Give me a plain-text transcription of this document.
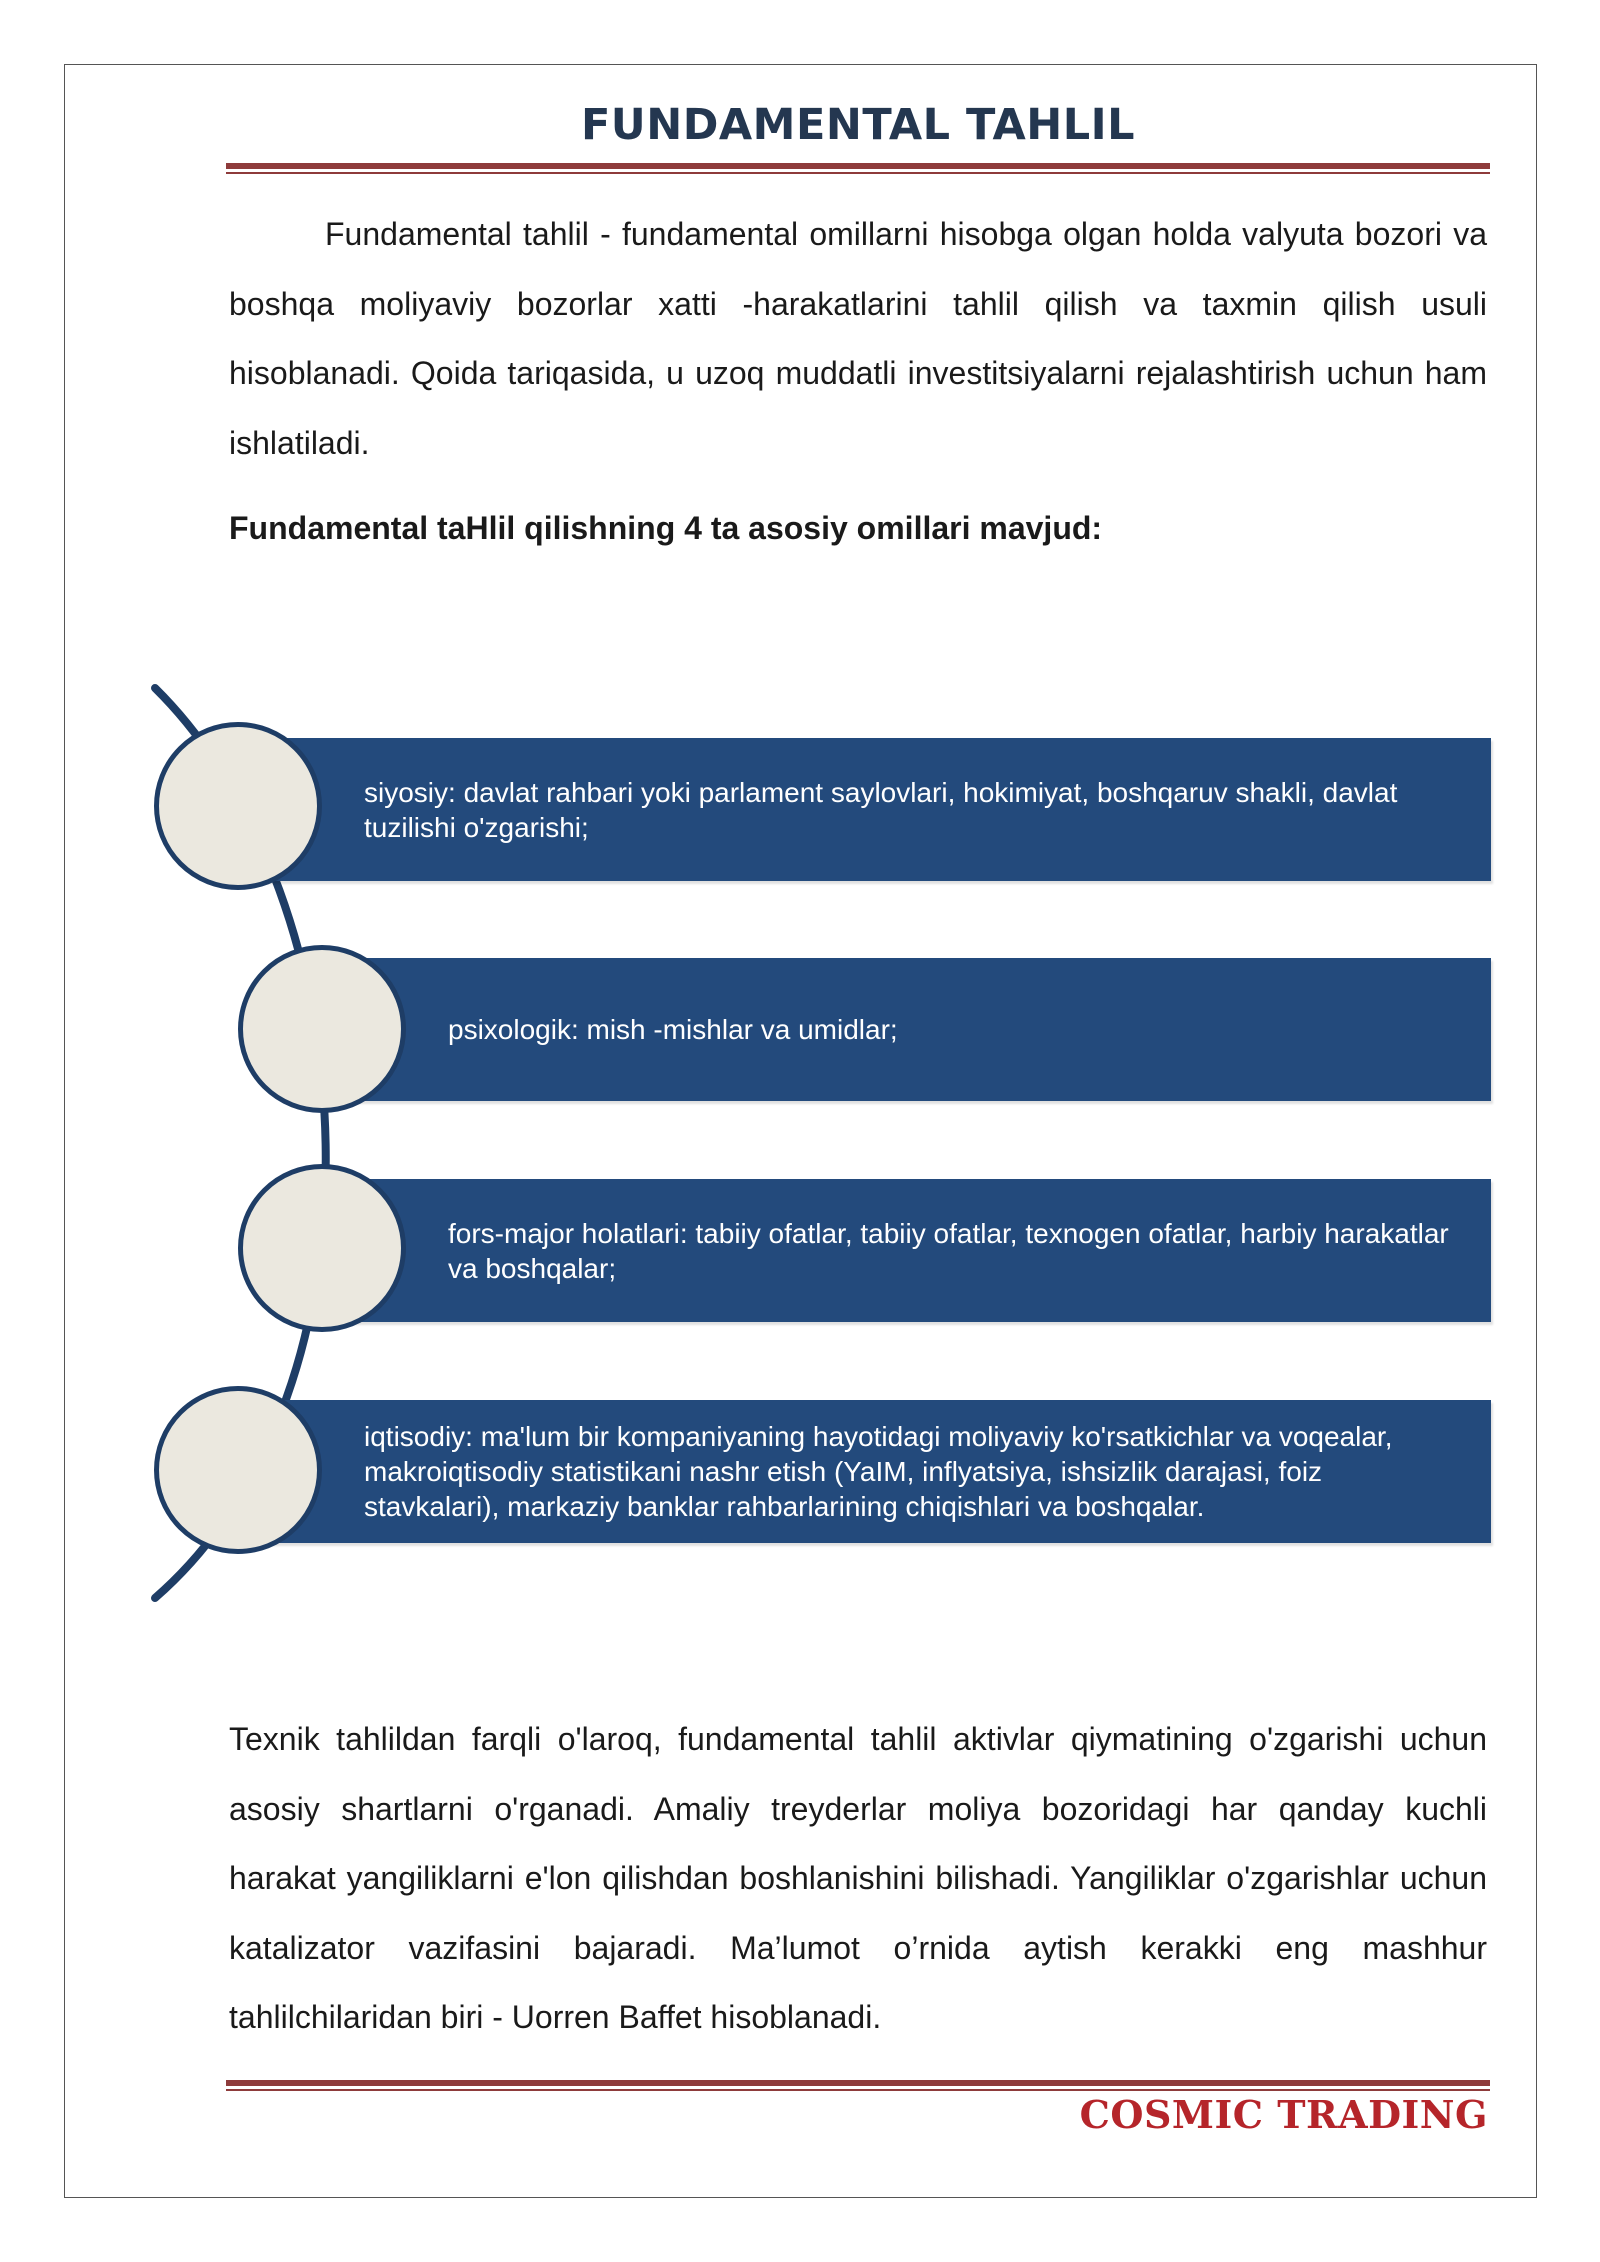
FUNDAMENTAL TAHLIL

Fundamental tahlil - fundamental omillarni hisobga olgan holda valyuta bozori va boshqa moliyaviy bozorlar xatti -harakatlarini tahlil qilish va taxmin qilish usuli hisoblanadi. Qoida tariqasida, u uzoq muddatli investitsiyalarni rejalashtirish uchun ham ishlatiladi.

Fundamental taHlil qilishning 4 ta asosiy omillari mavjud:

siyosiy: davlat rahbari yoki parlament saylovlari, hokimiyat, boshqaruv shakli, davlat tuzilishi o'zgarishi;
psixologik: mish -mishlar va umidlar;
fors-major holatlari: tabiiy ofatlar, tabiiy ofatlar, texnogen ofatlar, harbiy harakatlar va boshqalar;
iqtisodiy: ma'lum bir kompaniyaning hayotidagi moliyaviy ko'rsatkichlar va voqealar, makroiqtisodiy statistikani nashr etish (YaIM, inflyatsiya, ishsizlik darajasi, foiz stavkalari), markaziy banklar rahbarlarining chiqishlari va boshqalar.

Texnik tahlildan farqli o'laroq, fundamental tahlil aktivlar qiymatining o'zgarishi uchun asosiy shartlarni o'rganadi. Amaliy treyderlar moliya bozoridagi har qanday kuchli harakat yangiliklarni e'lon qilishdan boshlanishini bilishadi. Yangiliklar o'zgarishlar uchun katalizator vazifasini bajaradi. Ma’lumot o’rnida aytish kerakki eng mashhur tahlilchilaridan biri - Uorren Baffet hisoblanadi.

COSMIC TRADING
